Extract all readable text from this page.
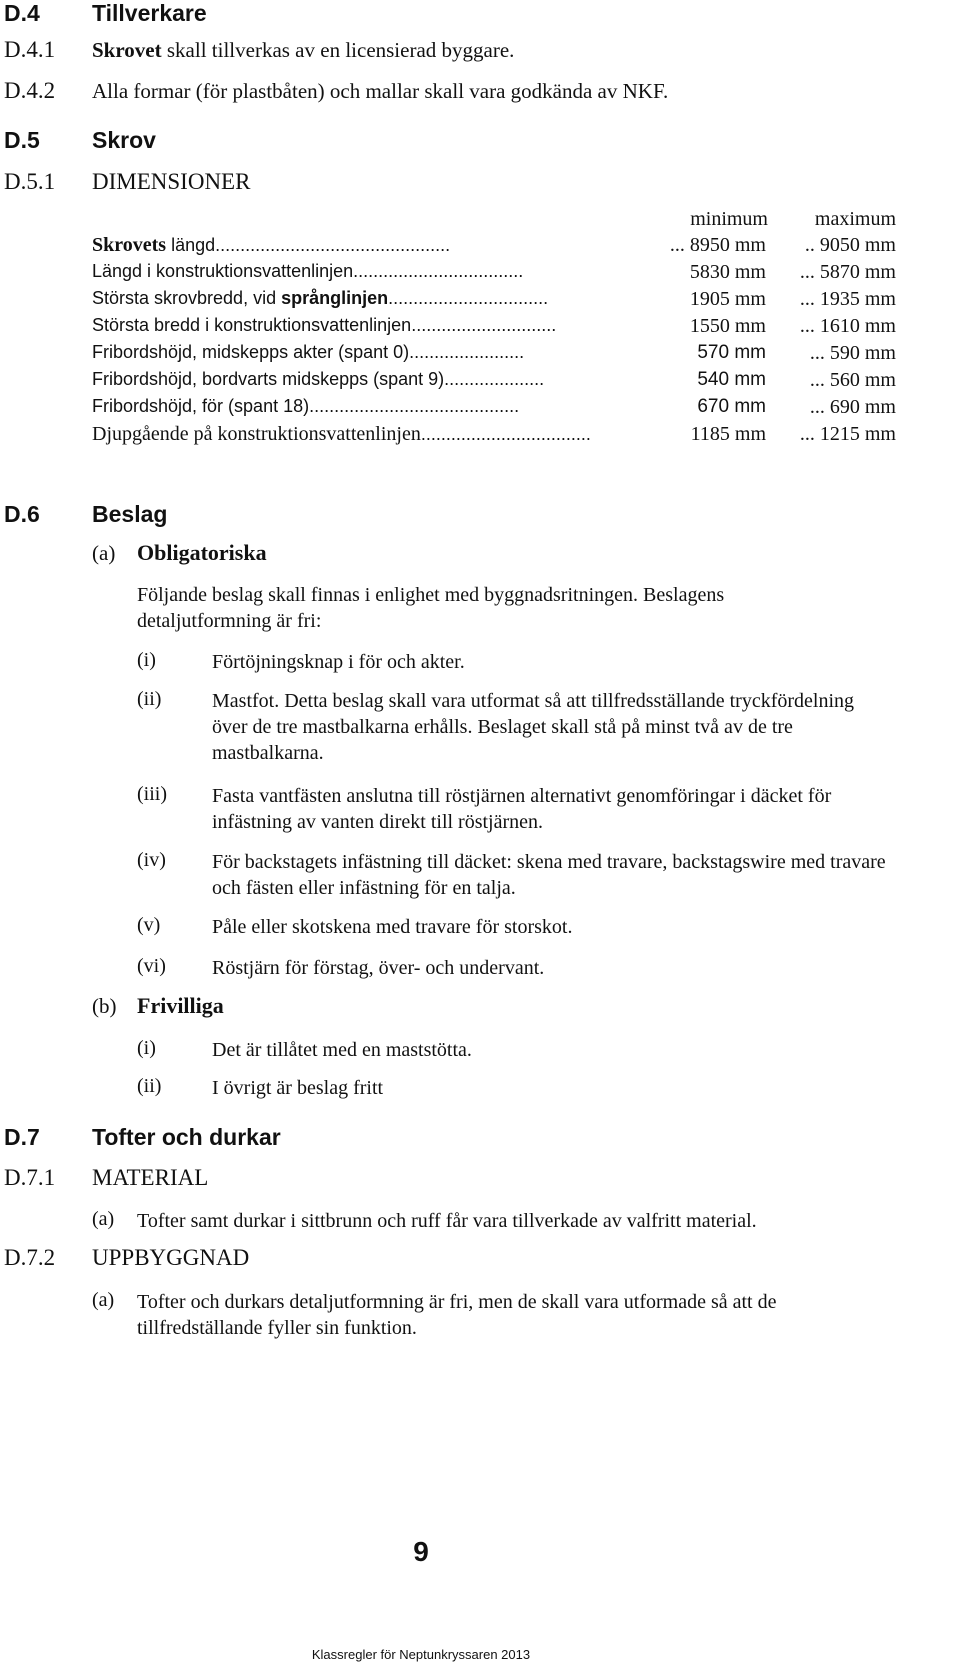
D.4 Tillverkare
D.4.1 Skrovet skall tillverkas av en licensierad byggare.
D.4.2 Alla formar (för plastbåten) och mallar skall vara godkända av NKF.
D.5 Skrov
D.5.1 DIMENSIONER
minimum maximum
Skrovets längd...............................................	... 8950 mm .. 9050 mm
Längd i konstruktionsvattenlinjen..................................	5830 mm ... 5870 mm
Största skrovbredd, vid språnglinjen................................	1905 mm ... 1935 mm
Största bredd i konstruktionsvattenlinjen.............................	1550 mm ... 1610 mm
Fribordshöjd, midskepps akter (spant 0).......................	570 mm ... 590 mm
Fribordshöjd, bordvarts midskepps (spant 9)....................	540 mm ... 560 mm
Fribordshöjd, för (spant 18)..........................................	670 mm ... 690 mm
Djupgående på konstruktionsvattenlinjen..................................	1185 mm ... 1215 mm
D.6 Beslag
(a) Obligatoriska
Följande beslag skall finnas i enlighet med byggnadsritningen. Beslagens detaljutformning är fri:
(i)	Förtöjningsknap i för och akter.
(ii)	Mastfot. Detta beslag skall vara utformat så att tillfredsställande tryckfördelning över de tre mastbalkarna erhålls. Beslaget skall stå på minst två av de tre mastbalkarna.
(iii) Fasta vantfästen anslutna till röstjärnen alternativt genomföringar i däcket för infästning av vanten direkt till röstjärnen.
(iv) För backstagets infästning till däcket: skena med travare, backstagswire med travare och fästen eller infästning för en talja.
(v)	Påle eller skotskena med travare för storskot.
(vi) Röstjärn för förstag, över- och undervant.
(b) Frivilliga
(i)	Det är tillåtet med en maststötta.
(ii)	I övrigt är beslag fritt
D.7 Tofter och durkar
D.7.1 MATERIAL
(a) Tofter samt durkar i sittbrunn och ruff får vara tillverkade av valfritt material.
D.7.2 UPPBYGGNAD
(a) Tofter och durkars detaljutformning är fri, men de skall vara utformade så att de tillfredställande fyller sin funktion.
9
Klassregler för Neptunkryssaren 2013
